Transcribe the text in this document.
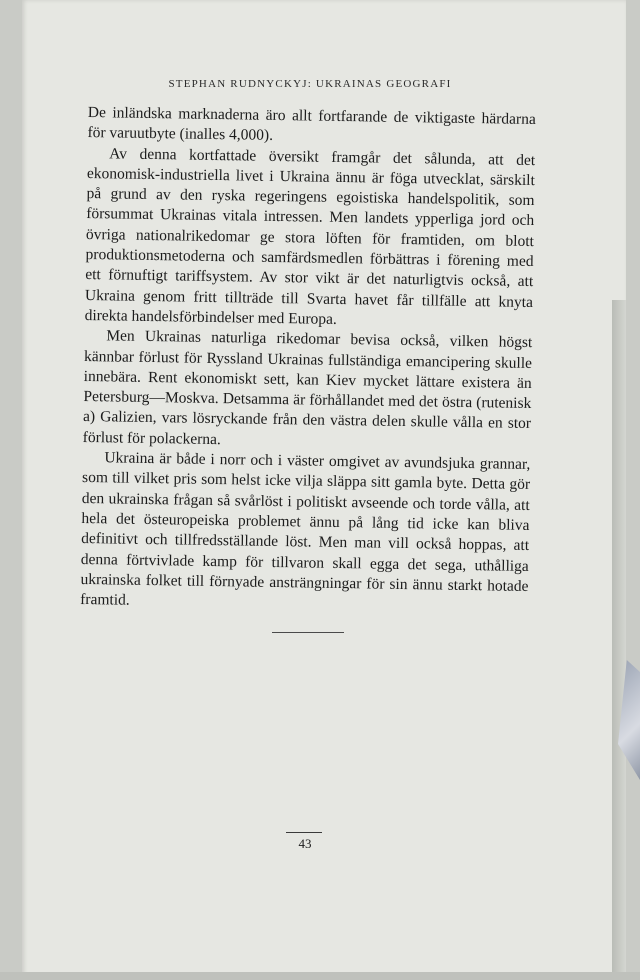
STEPHAN RUDNYCKYJ: UKRAINAS GEOGRAFI

De inländska marknaderna äro allt fortfarande de viktigaste härdarna för varuutbyte (inalles 4,000).

Av denna kortfattade översikt framgår det sålunda, att det ekonomisk-industriella livet i Ukraina ännu är föga utvecklat, särskilt på grund av den ryska regeringens egoistiska handelspolitik, som försummat Ukrainas vitala intressen. Men landets ypperliga jord och övriga nationalrikedomar ge stora löften för framtiden, om blott produktionsmetoderna och samfärdsmedlen förbättras i förening med ett förnuftigt tariffsystem. Av stor vikt är det naturligtvis också, att Ukraina genom fritt tillträde till Svarta havet får tillfälle att knyta direkta handelsförbindelser med Europa.

Men Ukrainas naturliga rikedomar bevisa också, vilken högst kännbar förlust för Ryssland Ukrainas fullständiga emancipering skulle innebära. Rent ekonomiskt sett, kan Kiev mycket lättare existera än Petersburg—Moskva. Detsamma är förhållandet med det östra (rutenisk​a) Galizien, vars lösryckande från den västra delen skulle vålla en stor förlust för polackerna.

Ukraina är både i norr och i väster omgivet av avundsjuka grannar, som till vilket pris som helst icke vilja släppa sitt gamla byte. Detta gör den ukrainska frågan så svårlöst i politiskt avseende och torde vålla, att hela det östeuropeiska problemet ännu på lång tid icke kan bliva definitivt och tillfredsställande löst. Men man vill också hoppas, att denna förtvivlade kamp för tillvaron skall egga det sega, uthålliga ukrainska folket till förnyade ansträngningar för sin ännu starkt hotade framtid.

43
